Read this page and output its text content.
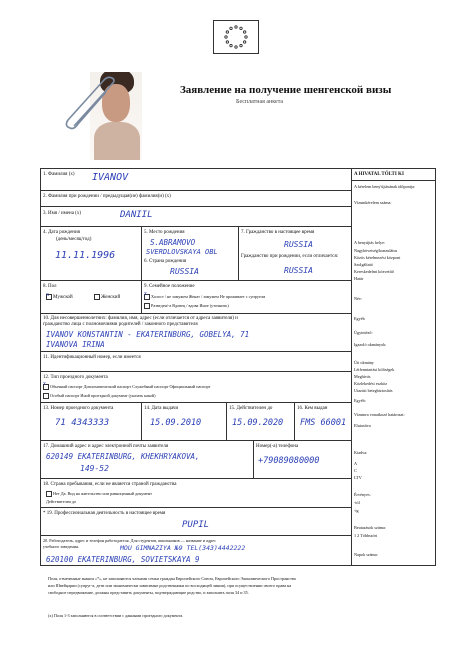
Заявление на получение шенгенской визы
Бесплатная анкета
1. Фамилия (x) IVANOV
2. Фамилия при рождении / предыдущая(ие) фамилия(и) (x)
3. Имя / имена (x)	DANIIL
4. Дата рождения
(день/месяц/год)
11.11.1996
5. Место рождения
S.ABRAMOVO
SVERDLOVSKAYA OBL
6. Страна рождения
RUSSIA
7. Гражданство в настоящее время
RUSSIA
Гражданство при рождении, если отличается:
RUSSIA
8. Пол
x Мужской	Женский
9. Семейное положение
x Холост / не замужем Женат / замужем Не проживает с супругом
Разведен/-а Вдовец / вдова Иное (уточнить)
10. Для несовершеннолетних: фамилия, имя, адрес (если отличается от адреса заявителя) и
гражданство лица с полномочиями родителей / законного представителя
IVANOV KONSTANTIN - EKATERINBURG, GOBELYA, 71
IVANOVA IRINA
11. Идентификационный номер, если имеется
12. Тип проездного документа
x Обычный паспорт Дипломатический паспорт Служебный паспорт Официальный паспорт
Особый паспорт Иной проездной документ (указать какой)
13. Номер проездного документа
71 4343333
14. Дата выдачи
15.09.2010
15. Действителен до
15.09.2020
16. Кем выдан
FMS 66001
17. Домашний адрес и адрес электронной почты заявителя
620149 EKATERINBURG, KHEKHRYAKOVA,
149-52
Номер(-а) телефона
+79089080000
18. Страна пребывания, если не является страной гражданства
Нет Да. Вид на жительство или равноценный документ
Действителен до
* 19. Профессиональная деятельность в настоящее время
PUPIL
20. Работодатель, адрес и телефон работодателя. Для студентов, школьников — название и адрес
учебного заведения.	MOU GIMNAZIYA №9 TEL(343)4442222
620100 EKATERINBURG, SOVIETSKAYA 9
A HIVATAL TÖLTI KI
A kérelem beny'újtásának időpontja:
Vízumkérelem száma:
A benyújtás helye:
Nagykövetség/konzulátus
Közös kérelmezési központ
Szolgáltató
Kereskedelmi közvetítő
Határ
Név:
Egyéb
Ügyintéző:
Igazoló okmányok:
Úti okmány
Létfenntartási költségek
Meghívás
Közlekedési eszköz
Utazási betegbiztosítás
Egyéb:
Vízumra vonatkozó határozat:
Elutasítva
Kiadva:
A
C
LTV
Érvényes:
-tól
-ig
Beutazások száma:
1 2 Többszöri
Napok száma:
Поля, отмеченные знаком «*», не заполняются членами семьи граждан Европейского Союза, Европейского Экономического Пространства
или Швейцарии (супруг-а, дети или экономически зависимые родственники по восходящей линии), при осуществлении своего права на
свободное передвижение, должны представить документы, подтверждающие родство, и заполнить поля 34 и 35.
(x) Поля 1-3 заполняются в соответствии с данными проездного документа.
